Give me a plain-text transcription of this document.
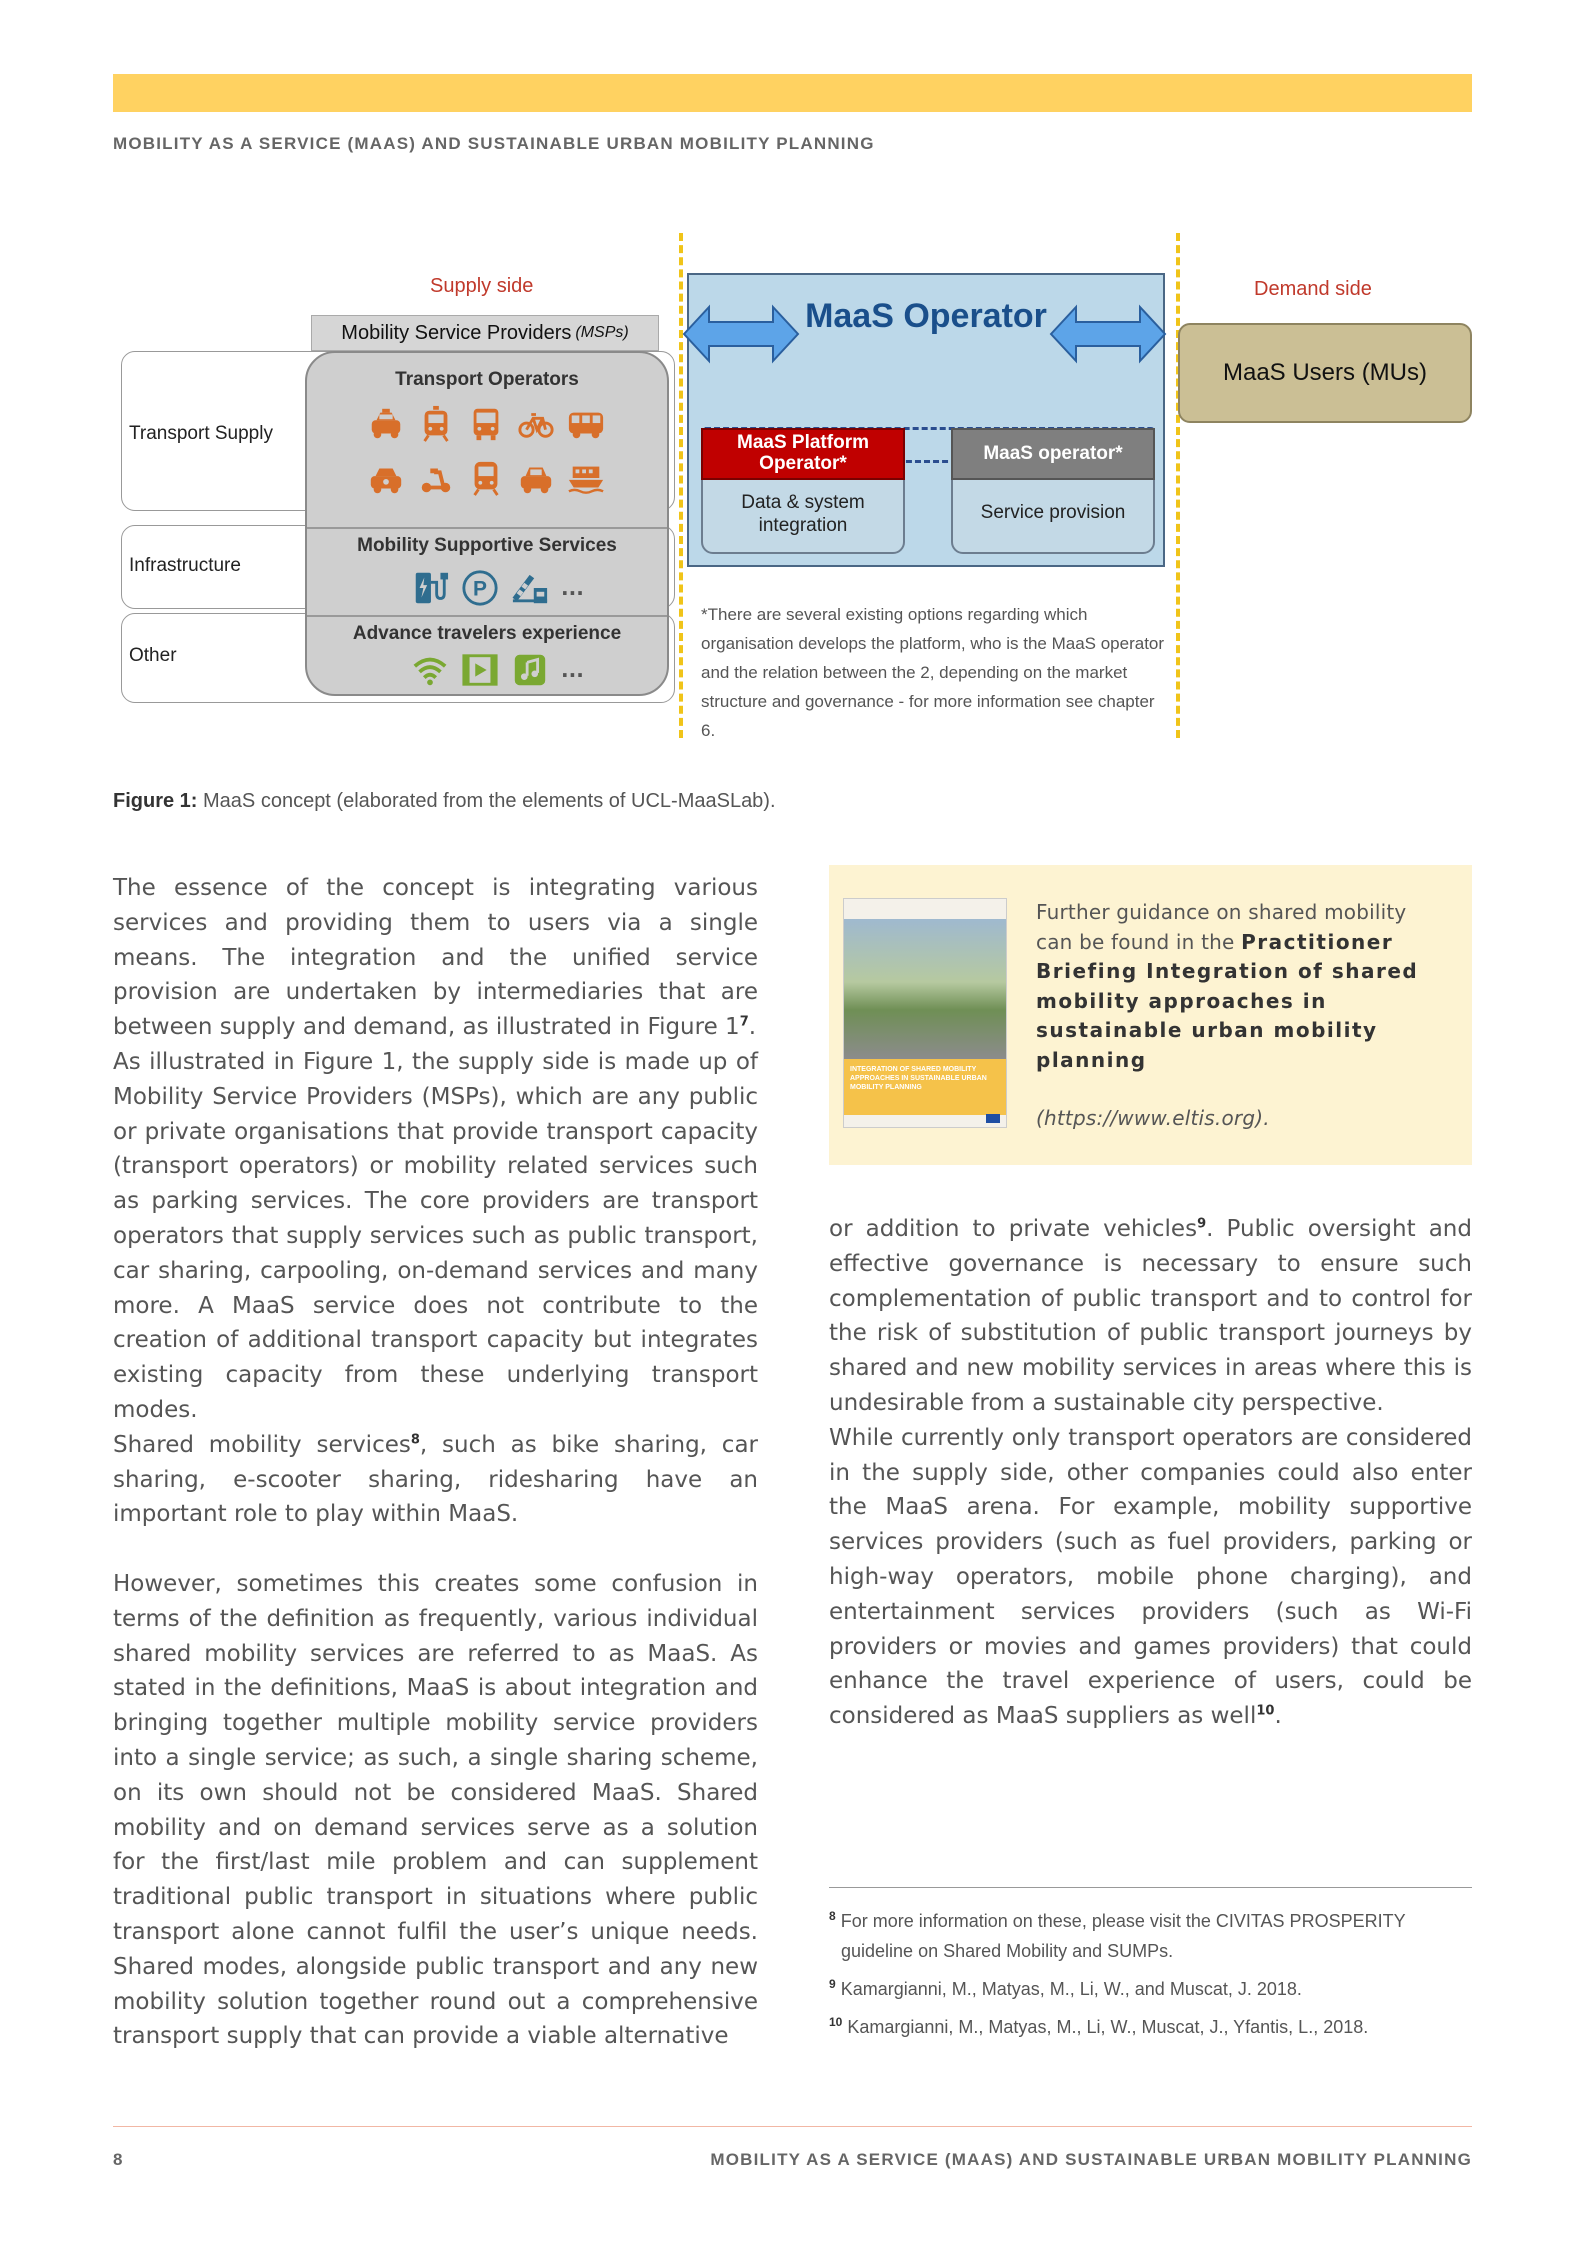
MOBILITY AS A SERVICE (MAAS) AND SUSTAINABLE URBAN MOBILITY PLANNING
Supply side	Demand side
Transport Supply
Infrastructure
Other
Transport Operators
Mobility Supportive Services
P	...
Advance travelers experience
...
Mobility Service Providers (MSPs)	MaaS Operator
MaaS Platform Operator*
Data & system integration
MaaS operator*
Service provision
MaaS Users (MUs)
*There are several existing options regarding which organisation develops the platform, who is the MaaS operator and the relation between the 2, depending on the market structure and governance - for more information see chapter 6.
Figure 1: MaaS concept (elaborated from the elements of UCL-MaaSLab).

The essence of the concept is integrating various services and providing them to users via a single means. The integration and the unified service provision are undertaken by intermediaries that are between supply and demand, as illustrated in Figure $1^7$.

As illustrated in Figure 1, the supply side is made up of Mobility Service Providers (MSPs), which are any public or private organisations that provide transport capacity (transport operators) or mobility related services such as parking services. The core providers are transport operators that supply services such as public transport, car sharing, carpooling, on-demand services and many more. A MaaS service does not contribute to the creation of additional transport capacity but integrates existing capacity from these underlying transport modes.

Shared mobility services$^8$, such as bike sharing, car sharing, e-scooter sharing, ridesharing have an important role to play within MaaS.

However, sometimes this creates some confusion in terms of the definition as frequently, various individual shared mobility services are referred to as MaaS. As stated in the definitions, MaaS is about integration and bringing together multiple mobility service providers into a single service; as such, a single sharing scheme, on its own should not be considered MaaS. Shared mobility and on demand services serve as a solution for the first/last mile problem and can supplement traditional public transport in situations where public transport alone cannot fulfil the user’s unique needs. Shared modes, alongside public transport and any new mobility solution together round out a comprehensive transport supply that can provide a viable alternative

INTEGRATION OF SHARED MOBILITY APPROACHES IN SUSTAINABLE URBAN MOBILITY PLANNING
Further guidance on shared mobility can be found in the Practitioner Briefing Integration of shared mobility approaches in sustainable urban mobility planning
(https://www.eltis.org).

or addition to private vehicles$^9$. Public oversight and effective governance is necessary to ensure such complementation of public transport and to control for the risk of substitution of public transport journeys by shared and new mobility services in areas where this is undesirable from a sustainable city perspective.

While currently only transport operators are considered in the supply side, other companies could also enter the MaaS arena. For example, mobility supportive services providers (such as fuel providers, parking or high-way operators, mobile phone charging), and entertainment services providers (such as Wi-Fi providers or movies and games providers) that could enhance the travel experience of users, could be considered as MaaS suppliers as well$^{10}$.

$^8$ For more information on these, please visit the CIVITAS PROSPERITY
guideline on Shared Mobility and SUMPs.
$^9$ Kamargianni, M., Matyas, M., Li, W., and Muscat, J. 2018.
$^{10}$ Kamargianni, M., Matyas, M., Li, W., Muscat, J., Yfantis, L., 2018.
8	MOBILITY AS A SERVICE (MAAS) AND SUSTAINABLE URBAN MOBILITY PLANNING
